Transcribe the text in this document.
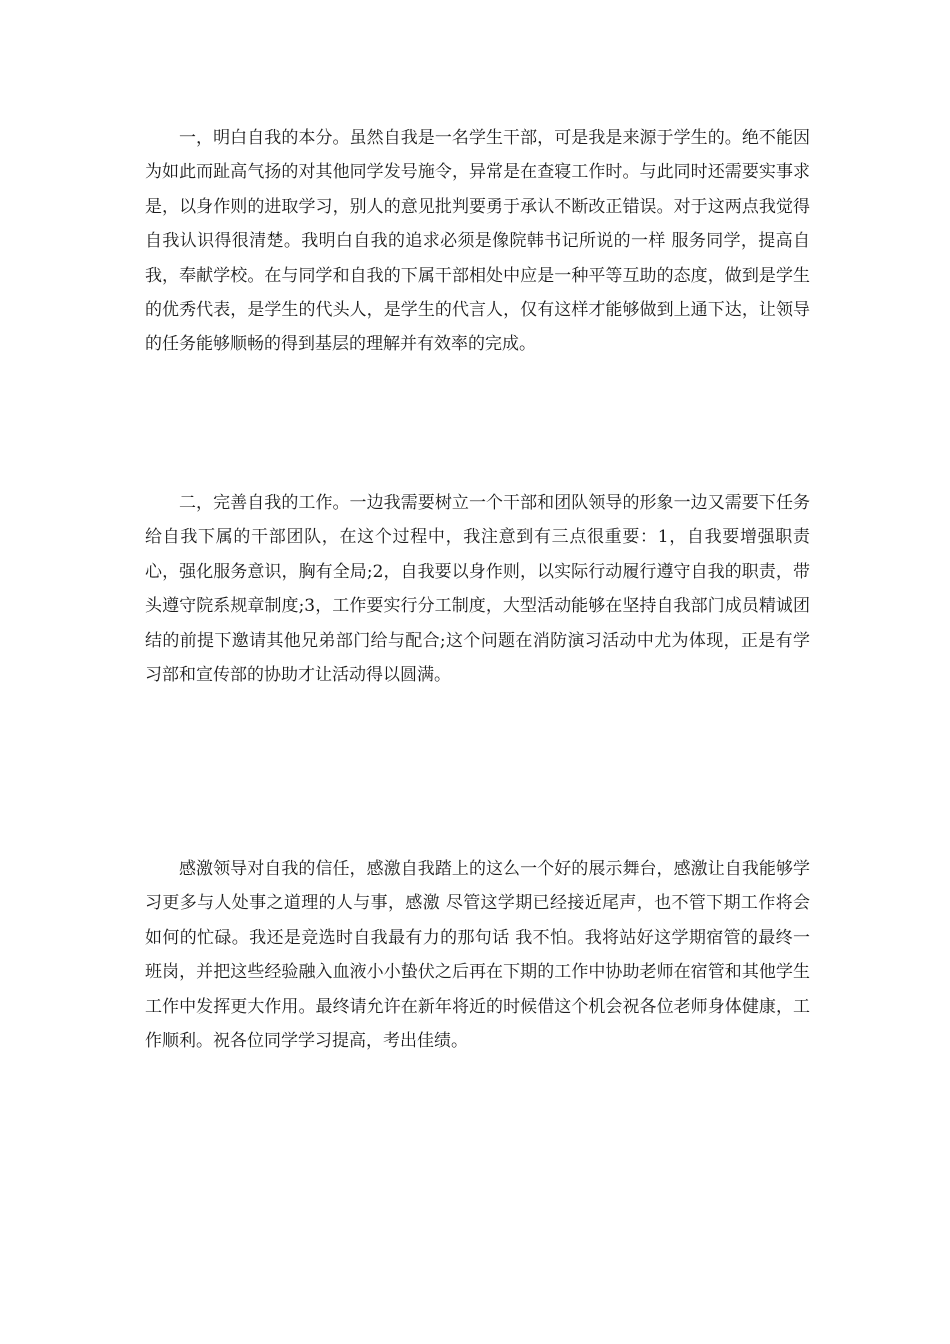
一，明白自我的本分。虽然自我是一名学生干部，可是我是来源于学生的。绝不能因为如此而趾高气扬的对其他同学发号施令，异常是在查寝工作时。与此同时还需要实事求是，以身作则的进取学习，别人的意见批判要勇于承认不断改正错误。对于这两点我觉得自我认识得很清楚。我明白自我的追求必须是像院韩书记所说的一样 服务同学，提高自我，奉献学校。在与同学和自我的下属干部相处中应是一种平等互助的态度，做到是学生的优秀代表，是学生的代头人，是学生的代言人，仅有这样才能够做到上通下达，让领导的任务能够顺畅的得到基层的理解并有效率的完成。

二，完善自我的工作。一边我需要树立一个干部和团队领导的形象一边又需要下任务给自我下属的干部团队，在这个过程中，我注意到有三点很重要：1，自我要增强职责心，强化服务意识，胸有全局;2，自我要以身作则，以实际行动履行遵守自我的职责，带头遵守院系规章制度;3，工作要实行分工制度，大型活动能够在坚持自我部门成员精诚团结的前提下邀请其他兄弟部门给与配合;这个问题在消防演习活动中尤为体现，正是有学习部和宣传部的协助才让活动得以圆满。

感激领导对自我的信任，感激自我踏上的这么一个好的展示舞台，感激让自我能够学习更多与人处事之道理的人与事，感激 尽管这学期已经接近尾声，也不管下期工作将会如何的忙碌。我还是竞选时自我最有力的那句话 我不怕。我将站好这学期宿管的最终一班岗，并把这些经验融入血液小小蛰伏之后再在下期的工作中协助老师在宿管和其他学生工作中发挥更大作用。最终请允许在新年将近的时候借这个机会祝各位老师身体健康，工作顺利。祝各位同学学习提高，考出佳绩。
